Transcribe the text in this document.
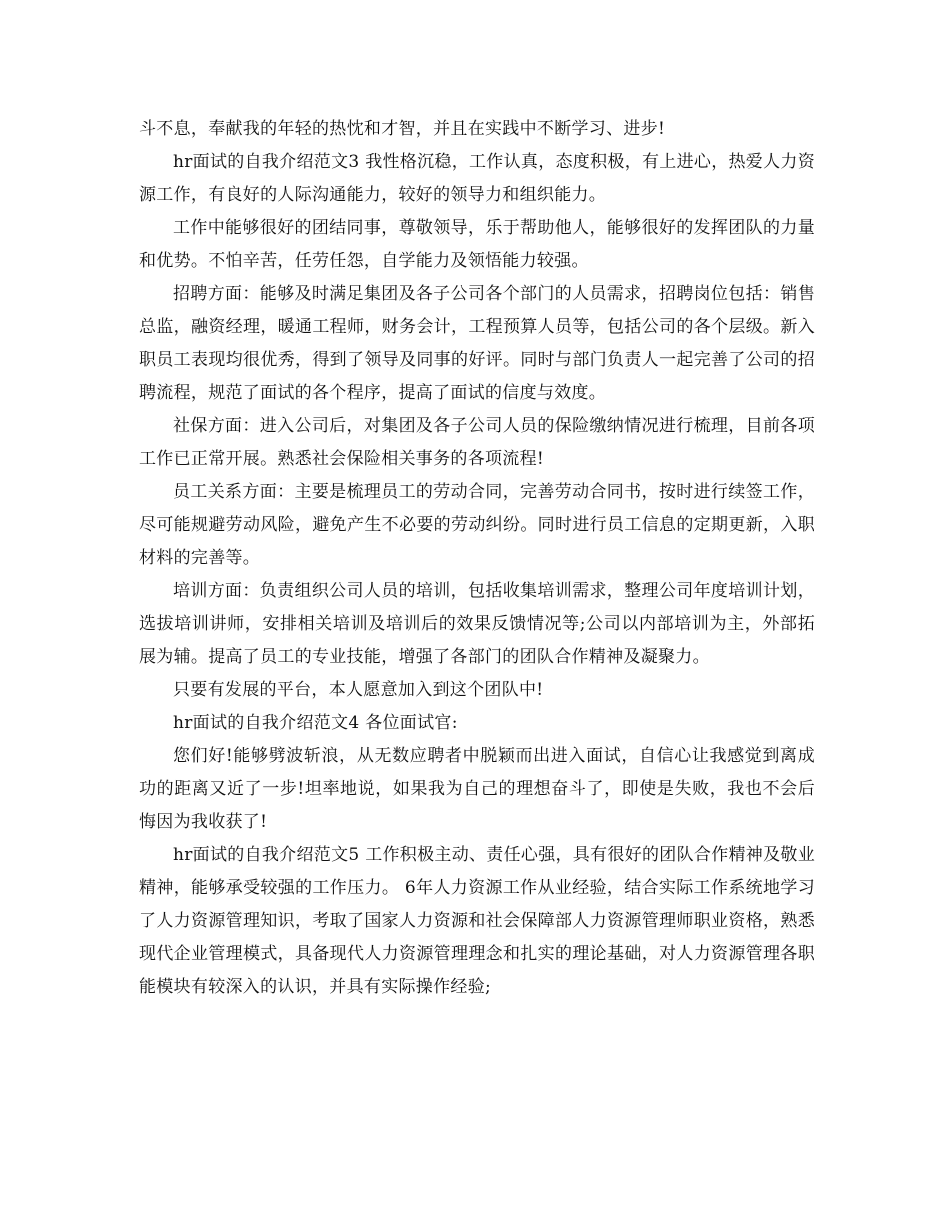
斗不息，奉献我的年轻的热忱和才智，并且在实践中不断学习、进步!

hr面试的自我介绍范文3 我性格沉稳，工作认真，态度积极，有上进心，热爱人力资源工作，有良好的人际沟通能力，较好的领导力和组织能力。

工作中能够很好的团结同事，尊敬领导，乐于帮助他人，能够很好的发挥团队的力量和优势。不怕辛苦，任劳任怨，自学能力及领悟能力较强。

招聘方面：能够及时满足集团及各子公司各个部门的人员需求，招聘岗位包括：销售总监，融资经理，暖通工程师，财务会计，工程预算人员等，包括公司的各个层级。新入职员工表现均很优秀，得到了领导及同事的好评。同时与部门负责人一起完善了公司的招聘流程，规范了面试的各个程序，提高了面试的信度与效度。

社保方面：进入公司后，对集团及各子公司人员的保险缴纳情况进行梳理，目前各项工作已正常开展。熟悉社会保险相关事务的各项流程!

员工关系方面：主要是梳理员工的劳动合同，完善劳动合同书，按时进行续签工作，尽可能规避劳动风险，避免产生不必要的劳动纠纷。同时进行员工信息的定期更新，入职材料的完善等。

培训方面：负责组织公司人员的培训，包括收集培训需求，整理公司年度培训计划，选拔培训讲师，安排相关培训及培训后的效果反馈情况等;公司以内部培训为主，外部拓展为辅。提高了员工的专业技能，增强了各部门的团队合作精神及凝聚力。

只要有发展的平台，本人愿意加入到这个团队中!

hr面试的自我介绍范文4 各位面试官:

您们好!能够劈波斩浪，从无数应聘者中脱颖而出进入面试，自信心让我感觉到离成功的距离又近了一步!坦率地说，如果我为自己的理想奋斗了，即使是失败，我也不会后悔因为我收获了!

hr面试的自我介绍范文5 工作积极主动、责任心强，具有很好的团队合作精神及敬业精神，能够承受较强的工作压力。 6年人力资源工作从业经验，结合实际工作系统地学习了人力资源管理知识，考取了国家人力资源和社会保障部人力资源管理师职业资格，熟悉现代企业管理模式，具备现代人力资源管理理念和扎实的理论基础，对人力资源管理各职能模块有较深入的认识，并具有实际操作经验;
